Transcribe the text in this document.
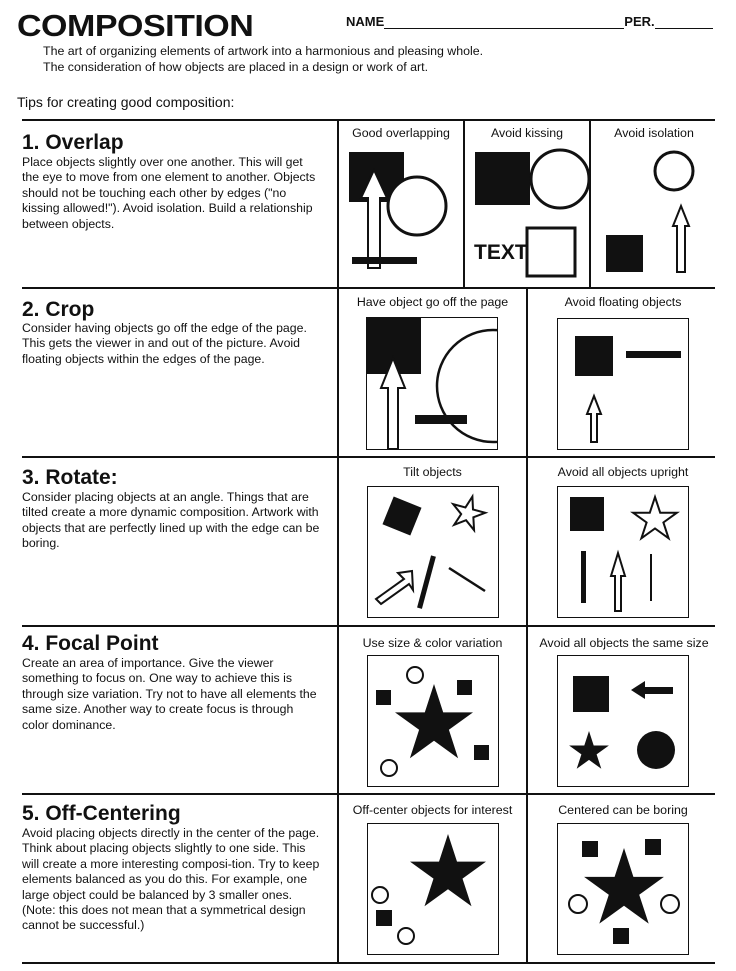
COMPOSITION	NAME	PER.
The art of organizing elements of artwork into a harmonious and pleasing whole.
The consideration of how objects are placed in a design or work of art.
Tips for creating good composition:
1. Overlap
Place objects slightly over one another. This will get the eye to move from one element to another. Objects should not be touching each other by edges ("no kissing allowed!"). Avoid isolation. Build a relationship between objects.
Good overlapping	Avoid kissing	Avoid isolation
TEXT
2. Crop
Consider having objects go off the edge of the page. This gets the viewer in and out of the picture. Avoid floating objects within the edges of the page.
Have object go off the page	Avoid floating objects
3. Rotate:
Consider placing objects at an angle. Things that are tilted create a more dynamic composition. Artwork with objects that are perfectly lined up with the edge can be boring.
Tilt objects	Avoid all objects upright
4. Focal Point
Create an area of importance. Give the viewer something to focus on. One way to achieve this is through size variation. Try not to have all elements the same size. Another way to create focus is through color dominance.
Use size & color variation	Avoid all objects the same size
5. Off-Centering
Avoid placing objects directly in the center of the page. Think about placing objects slightly to one side. This will create a more interesting composi-tion. Try to keep elements balanced as you do this. For example, one large object could be balanced by 3 smaller ones. (Note: this does not mean that a symmetrical design cannot be successful.)
Off-center objects for interest	Centered can be boring
